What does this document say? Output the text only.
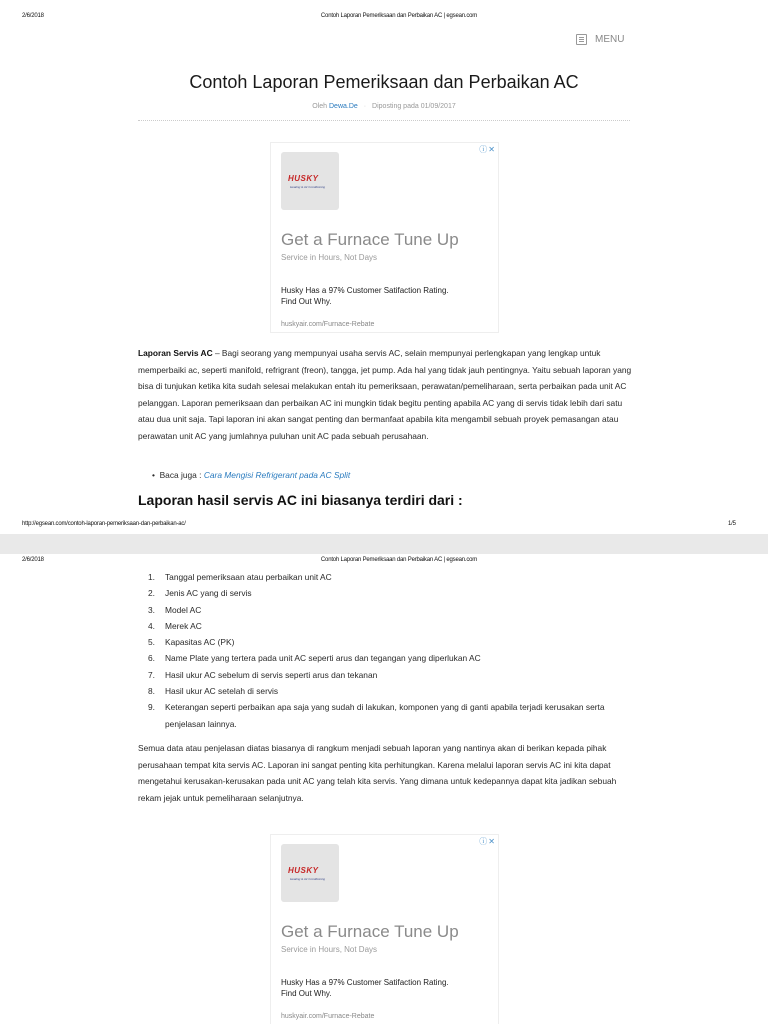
2/6/2018	Contoh Laporan Pemeriksaan dan Perbaikan AC | egsean.com
MENU
Contoh Laporan Pemeriksaan dan Perbaikan AC
Oleh Dewa.De · Diposting pada 01/09/2017
ⓘ✕
HUSKY
Heating & Air Conditioning
Get a Furnace Tune Up
Service in Hours, Not Days
Husky Has a 97% Customer Satifaction Rating. Find Out Why.
huskyair.com/Furnace-Rebate

Laporan Servis AC – Bagi seorang yang mempunyai usaha servis AC, selain mempunyai perlengkapan yang lengkap untuk memperbaiki ac, seperti manifold, refrigrant (freon), tangga, jet pump. Ada hal yang tidak jauh pentingnya. Yaitu sebuah laporan yang bisa di tunjukan ketika kita sudah selesai melakukan entah itu pemeriksaan, perawatan/pemeliharaan, serta perbaikan pada unit AC pelanggan. Laporan pemeriksaan dan perbaikan AC ini mungkin tidak begitu penting apabila AC yang di servis tidak lebih dari satu atau dua unit saja. Tapi laporan ini akan sangat penting dan bermanfaat apabila kita mengambil sebuah proyek pemasangan atau perawatan unit AC yang jumlahnya puluhan unit AC pada sebuah perusahaan.

• Baca juga : Cara Mengisi Refrigerant pada AC Split
Laporan hasil servis AC ini biasanya terdiri dari :
http://egsean.com/contoh-laporan-pemeriksaan-dan-perbaikan-ac/	1/5
2/6/2018	Contoh Laporan Pemeriksaan dan Perbaikan AC | egsean.com
1.	Tanggal pemeriksaan atau perbaikan unit AC
2.	Jenis AC yang di servis
3.	Model AC
4.	Merek AC
5.	Kapasitas AC (PK)
6.	Name Plate yang tertera pada unit AC seperti arus dan tegangan yang diperlukan AC
7.	Hasil ukur AC sebelum di servis seperti arus dan tekanan
8.	Hasil ukur AC setelah di servis
9.	Keterangan seperti perbaikan apa saja yang sudah di lakukan, komponen yang di ganti apabila terjadi kerusakan serta penjelasan lainnya.

Semua data atau penjelasan diatas biasanya di rangkum menjadi sebuah laporan yang nantinya akan di berikan kepada pihak perusahaan tempat kita servis AC. Laporan ini sangat penting kita perhitungkan. Karena melalui laporan servis AC ini kita dapat mengetahui kerusakan-kerusakan pada unit AC yang telah kita servis. Yang dimana untuk kedepannya dapat kita jadikan sebuah rekam jejak untuk pemeliharaan selanjutnya.

ⓘ✕
HUSKY
Heating & Air Conditioning
Get a Furnace Tune Up
Service in Hours, Not Days
Husky Has a 97% Customer Satifaction Rating. Find Out Why.
huskyair.com/Furnace-Rebate
